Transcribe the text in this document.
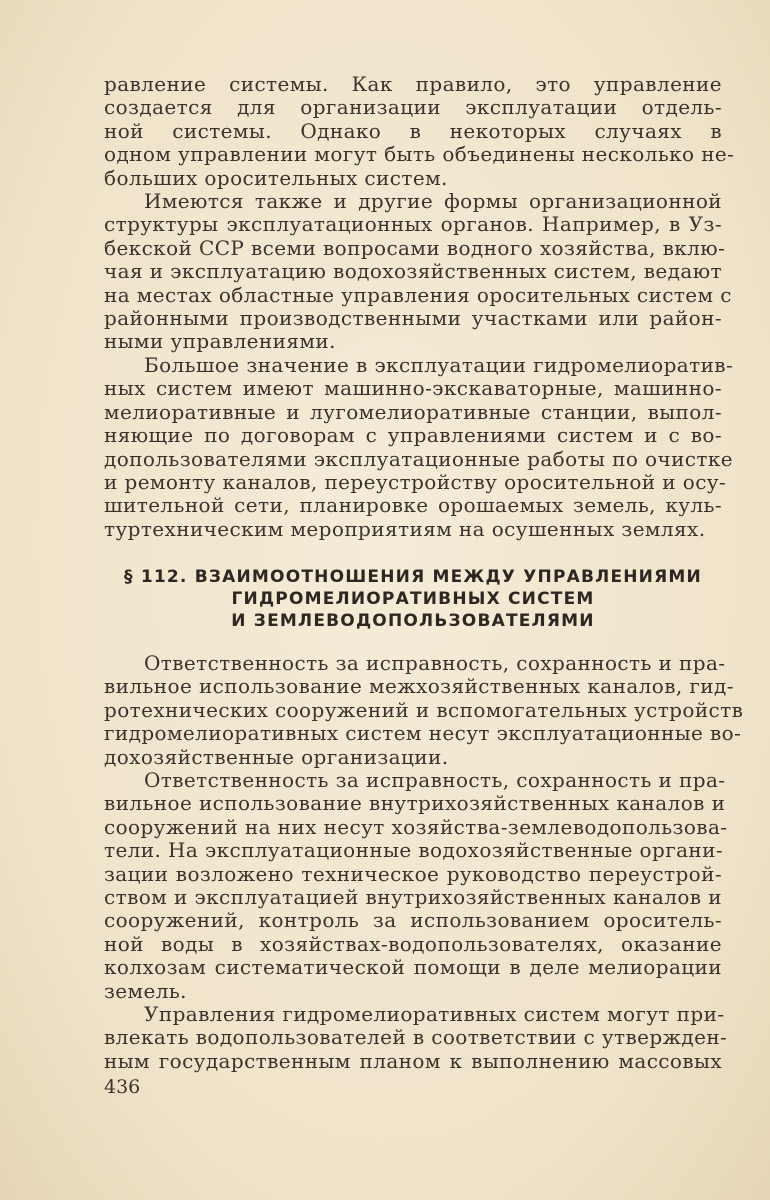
равление системы. Как правило, это управление
создается для организации эксплуатации отдель-
ной системы. Однако в некоторых случаях в
одном управлении могут быть объединены несколько не-
больших оросительных систем.
Имеются также и другие формы организационной
структуры эксплуатационных органов. Например, в Уз-
бекской ССР всеми вопросами водного хозяйства, вклю-
чая и эксплуатацию водохозяйственных систем, ведают
на местах областные управления оросительных систем с
районными производственными участками или район-
ными управлениями.
Большое значение в эксплуатации гидромелиоратив-
ных систем имеют машинно-экскаваторные, машинно-
мелиоративные и лугомелиоративные станции, выпол-
няющие по договорам с управлениями систем и с во-
допользователями эксплуатационные работы по очистке
и ремонту каналов, переустройству оросительной и осу-
шительной сети, планировке орошаемых земель, куль-
туртехническим мероприятиям на осушенных землях.
§ 112. ВЗАИМООТНОШЕНИЯ МЕЖДУ УПРАВЛЕНИЯМИ
ГИДРОМЕЛИОРАТИВНЫХ СИСТЕМ
И ЗЕМЛЕВОДОПОЛЬЗОВАТЕЛЯМИ
Ответственность за исправность, сохранность и пра-
вильное использование межхозяйственных каналов, гид-
ротехнических сооружений и вспомогательных устройств
гидромелиоративных систем несут эксплуатационные во-
дохозяйственные организации.
Ответственность за исправность, сохранность и пра-
вильное использование внутрихозяйственных каналов и
сооружений на них несут хозяйства-землеводопользова-
тели. На эксплуатационные водохозяйственные органи-
зации возложено техническое руководство переустрой-
ством и эксплуатацией внутрихозяйственных каналов и
сооружений, контроль за использованием ороситель-
ной воды в хозяйствах-водопользователях, оказание
колхозам систематической помощи в деле мелиорации
земель.
Управления гидромелиоративных систем могут при-
влекать водопользователей в соответствии с утвержден-
ным государственным планом к выполнению массовых
436
